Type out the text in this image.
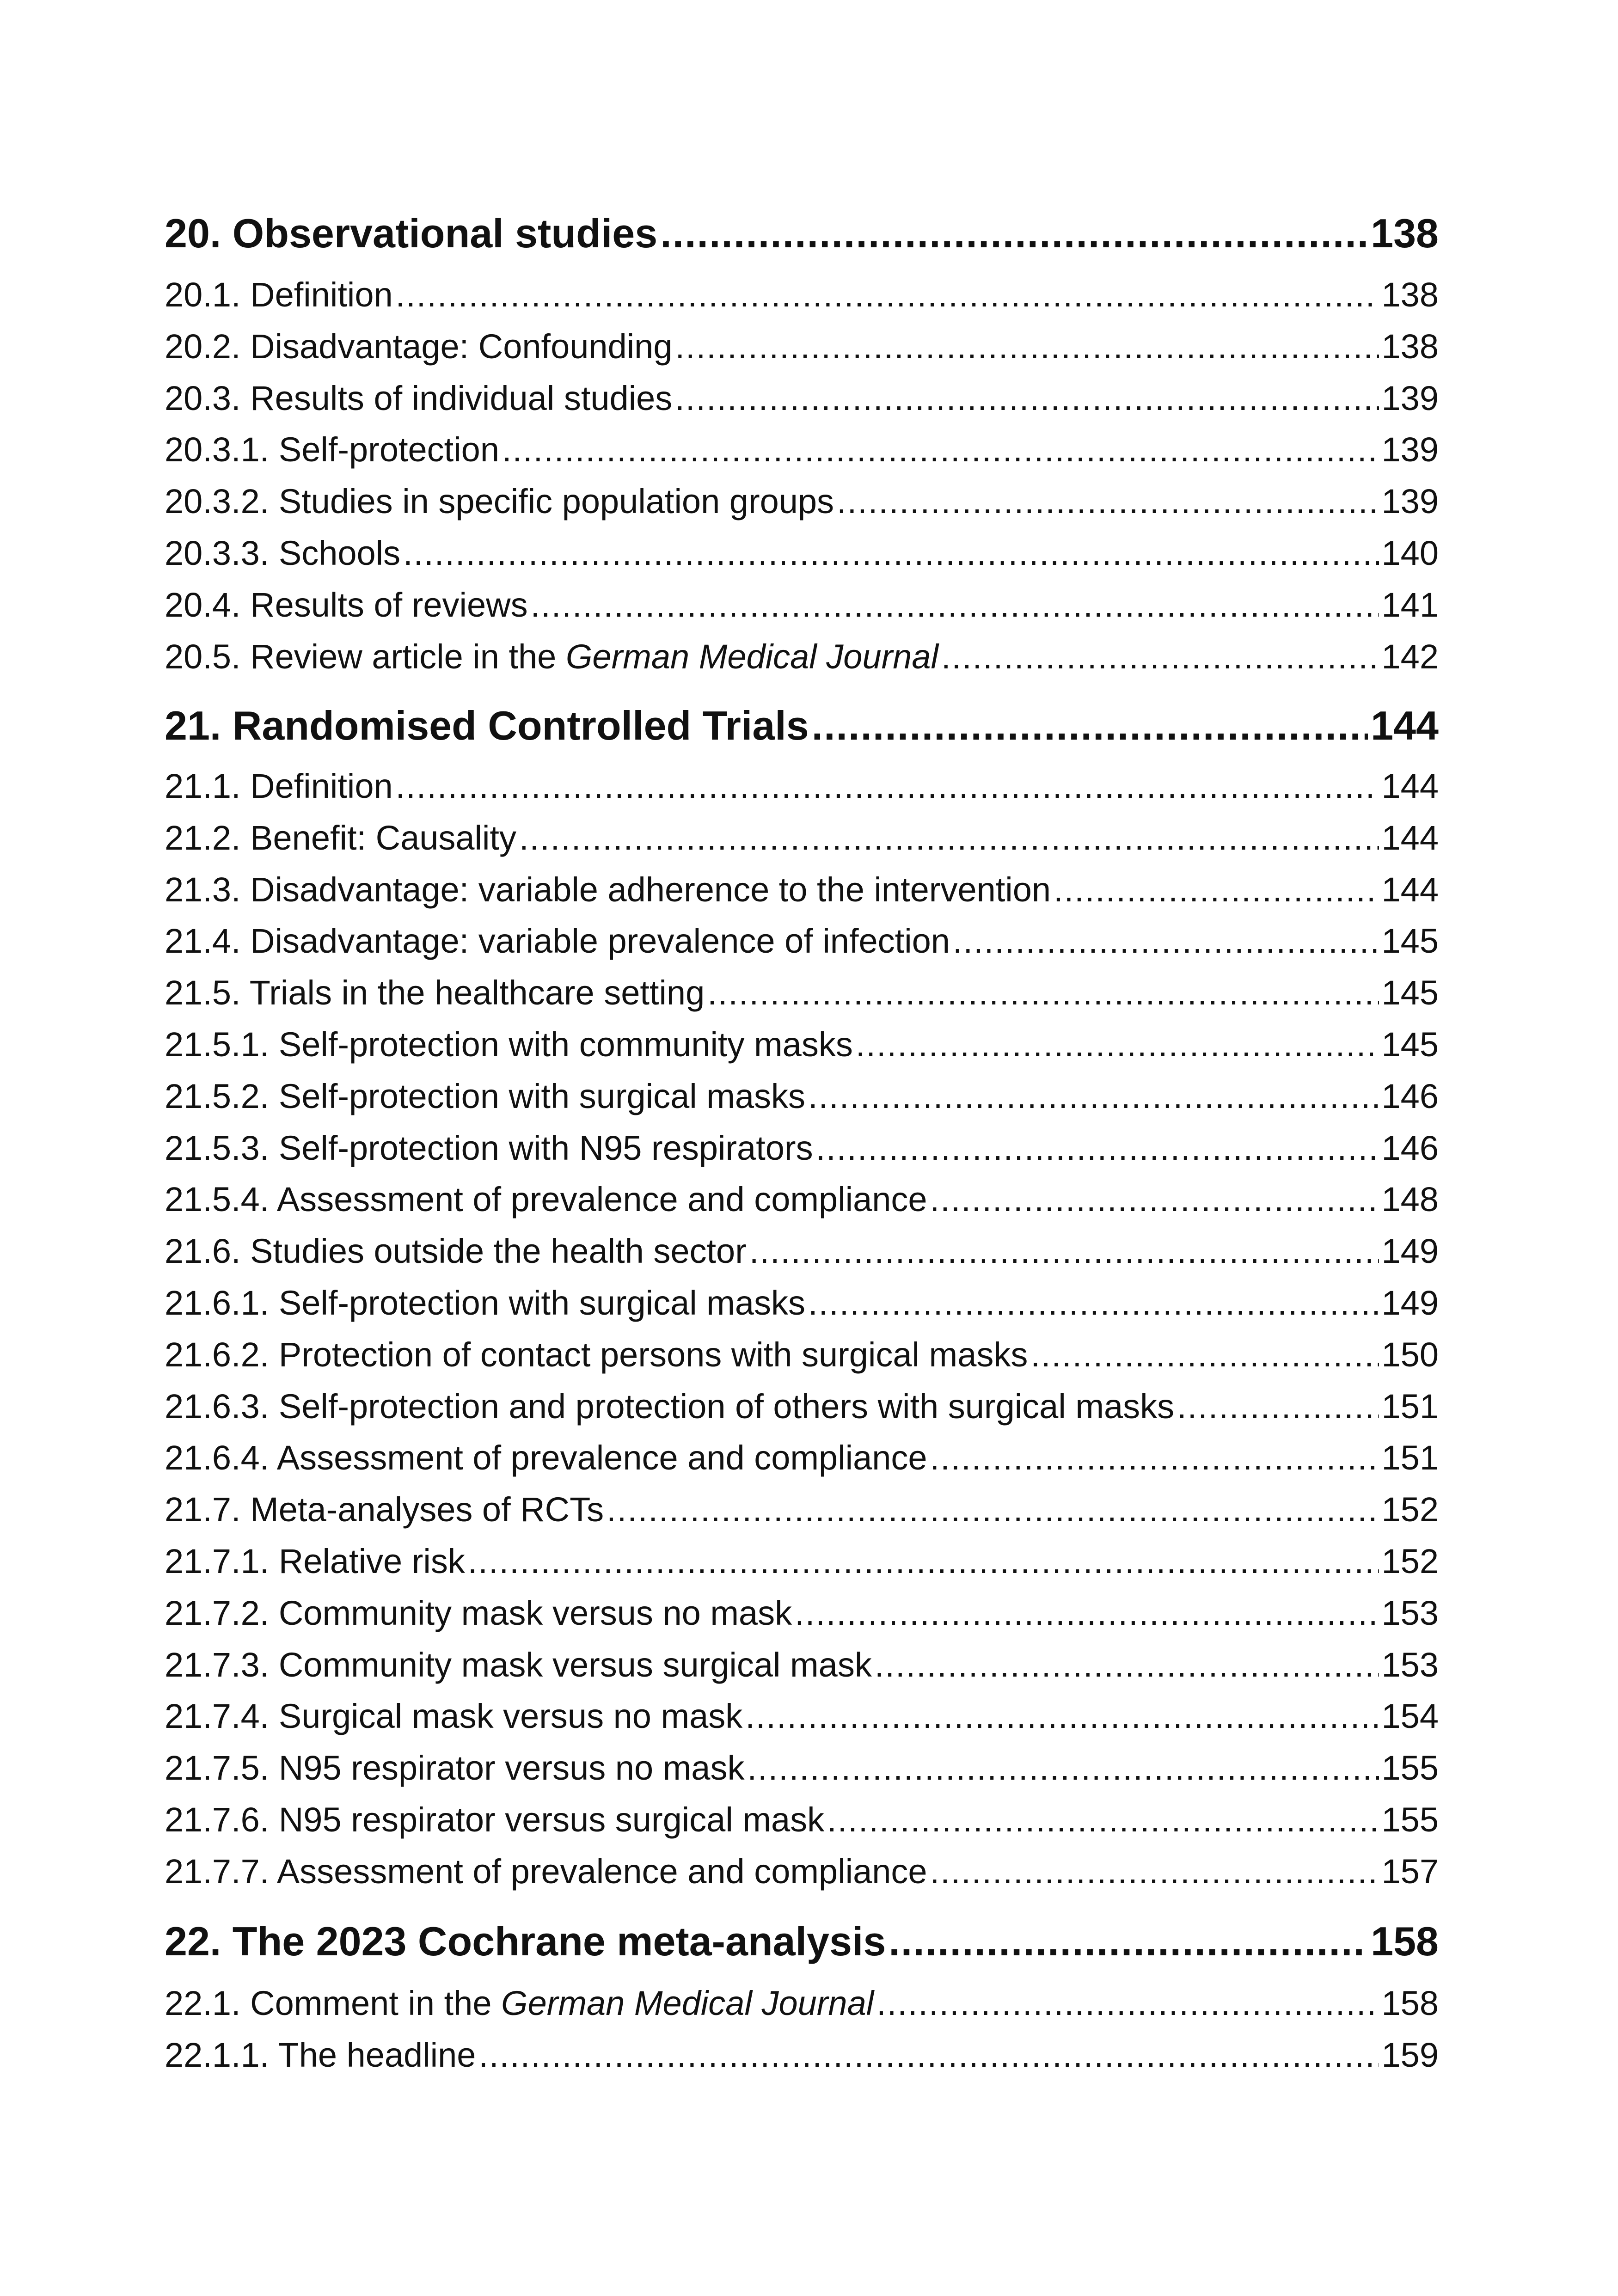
20. Observational studies .....	138
20.1. Definition .....	138
20.2. Disadvantage: Confounding .....	138
20.3. Results of individual studies .....	139
20.3.1. Self-protection .....	139
20.3.2. Studies in specific population groups .....	139
20.3.3. Schools .....	140
20.4. Results of reviews .....	141
20.5. Review article in the German Medical Journal .....	142
21. Randomised Controlled Trials .....	144
21.1. Definition .....	144
21.2. Benefit: Causality .....	144
21.3. Disadvantage: variable adherence to the intervention .....	144
21.4. Disadvantage: variable prevalence of infection .....	145
21.5. Trials in the healthcare setting .....	145
21.5.1. Self-protection with community masks .....	145
21.5.2. Self-protection with surgical masks .....	146
21.5.3. Self-protection with N95 respirators .....	146
21.5.4. Assessment of prevalence and compliance .....	148
21.6. Studies outside the health sector .....	149
21.6.1. Self-protection with surgical masks .....	149
21.6.2. Protection of contact persons with surgical masks .....	150
21.6.3. Self-protection and protection of others with surgical masks .....	151
21.6.4. Assessment of prevalence and compliance .....	151
21.7. Meta-analyses of RCTs .....	152
21.7.1. Relative risk .....	152
21.7.2. Community mask versus no mask .....	153
21.7.3. Community mask versus surgical mask .....	153
21.7.4. Surgical mask versus no mask .....	154
21.7.5. N95 respirator versus no mask .....	155
21.7.6. N95 respirator versus surgical mask .....	155
21.7.7. Assessment of prevalence and compliance .....	157
22. The 2023 Cochrane meta-analysis .....	158
22.1. Comment in the German Medical Journal .....	158
22.1.1. The headline .....	159
